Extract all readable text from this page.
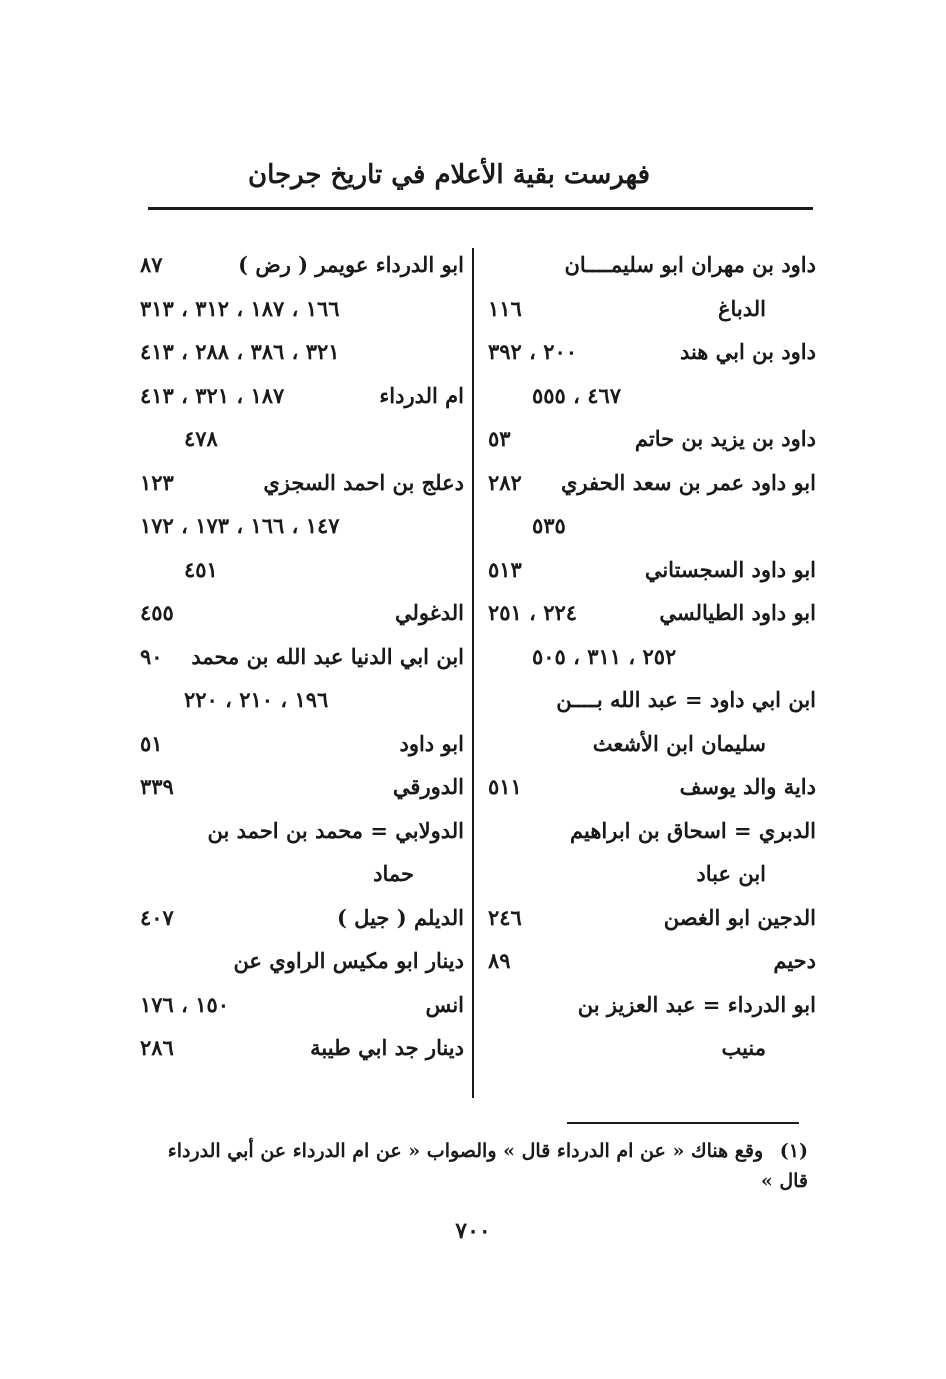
فهرست بقية الأعلام في تاريخ جرجان
داود بن مهران ابو سليمــــان
الدباغ
١١٦
داود بن ابي هند
٢٠٠ ، ٣٩٢
٤٦٧ ، ٥٥٥
داود بن يزيد بن حاتم
٥٣
ابو داود عمر بن سعد الحفري
٢٨٢
٥٣٥
ابو داود السجستاني
٥١٣
ابو داود الطيالسي
٢٢٤ ، ٢٥١
٢٥٢ ، ٣١١ ، ٥٠٥
ابن ابي داود = عبد الله بــــن
سليمان ابن الأشعث
داية والد يوسف
٥١١
الدبري = اسحاق بن ابراهيم
ابن عباد
الدجين ابو الغصن
٢٤٦
دحيم
٨٩
ابو الدرداء = عبد العزيز بن
منيب
ابو الدرداء عويمر ( رض )
٨٧
١٦٦ ، ١٨٧ ، ٣١٢ ، ٣١٣
٣٢١ ، ٣٨٦ ، ٢٨٨ ، ٤١٣
ام الدرداء
١٨٧ ، ٣٢١ ، ٤١٣
٤٧٨
دعلج بن احمد السجزي
١٢٣
١٤٧ ، ١٦٦ ، ١٧٣ ، ١٧٢
٤٥١
الدغولي
٤٥٥
ابن ابي الدنيا عبد الله بن محمد
٩٠
١٩٦ ، ٢١٠ ، ٢٢٠
ابو داود
٥١
الدورقي
٣٣٩
الدولابي = محمد بن احمد بن
حماد
الديلم ( جيل )
٤٠٧
دينار ابو مكيس الراوي عن
انس
١٥٠ ، ١٧٦
دينار جد ابي طيبة
٢٨٦
(١) وقع هناك « عن ام الدرداء قال » والصواب « عن ام الدرداء عن أبي الدرداء قال »
٧٠٠
